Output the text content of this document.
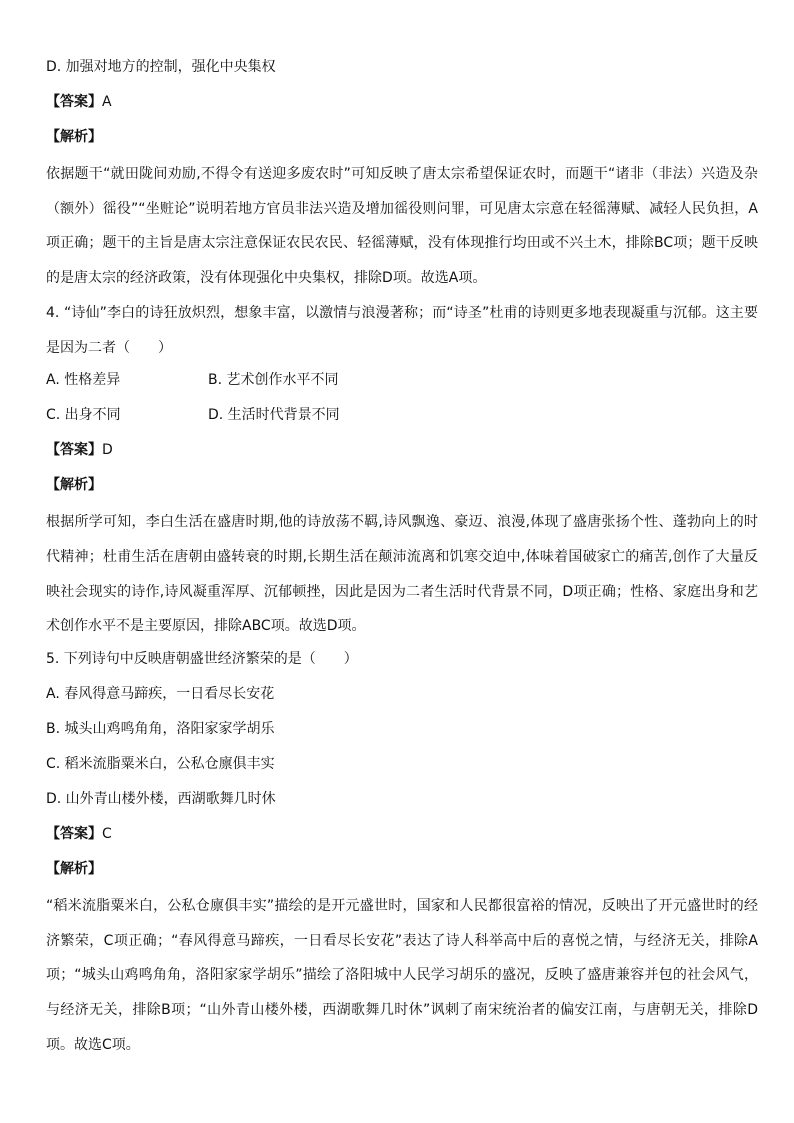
D. 加强对地方的控制，强化中央集权
【答案】A
【解析】

依据题干“就田陇间劝励,不得令有送迎多废农时”可知反映了唐太宗希望保证农时，而题干“诸非（非法）兴造及杂（额外）徭役”“坐赃论”说明若地方官员非法兴造及增加徭役则问罪，可见唐太宗意在轻徭薄赋、减轻人民负担，A项正确；题干的主旨是唐太宗注意保证农民农民、轻徭薄赋，没有体现推行均田或不兴土木，排除BC项；题干反映的是唐太宗的经济政策，没有体现强化中央集权，排除D项。故选A项。

4. “诗仙”李白的诗狂放炽烈，想象丰富，以激情与浪漫著称；而“诗圣”杜甫的诗则更多地表现凝重与沉郁。这主要是因为二者（　　）

A. 性格差异	B. 艺术创作水平不同
C. 出身不同	D. 生活时代背景不同
【答案】D
【解析】

根据所学可知，李白生活在盛唐时期,他的诗放荡不羁,诗风飘逸、豪迈、浪漫,体现了盛唐张扬个性、蓬勃向上的时代精神；杜甫生活在唐朝由盛转衰的时期,长期生活在颠沛流离和饥寒交迫中,体味着国破家亡的痛苦,创作了大量反映社会现实的诗作,诗风凝重浑厚、沉郁顿挫，因此是因为二者生活时代背景不同，D项正确；性格、家庭出身和艺术创作水平不是主要原因，排除ABC项。故选D项。

5. 下列诗句中反映唐朝盛世经济繁荣的是（　　）
A. 春风得意马蹄疾，一日看尽长安花
B. 城头山鸡鸣角角，洛阳家家学胡乐
C. 稻米流脂粟米白，公私仓廪俱丰实
D. 山外青山楼外楼，西湖歌舞几时休
【答案】C
【解析】

“稻米流脂粟米白，公私仓廪俱丰实”描绘的是开元盛世时，国家和人民都很富裕的情况，反映出了开元盛世时的经济繁荣，C项正确；“春风得意马蹄疾，一日看尽长安花”表达了诗人科举高中后的喜悦之情，与经济无关，排除A项；“城头山鸡鸣角角，洛阳家家学胡乐”描绘了洛阳城中人民学习胡乐的盛况，反映了盛唐兼容并包的社会风气，与经济无关，排除B项；“山外青山楼外楼，西湖歌舞几时休”讽刺了南宋统治者的偏安江南，与唐朝无关，排除D项。故选C项。
